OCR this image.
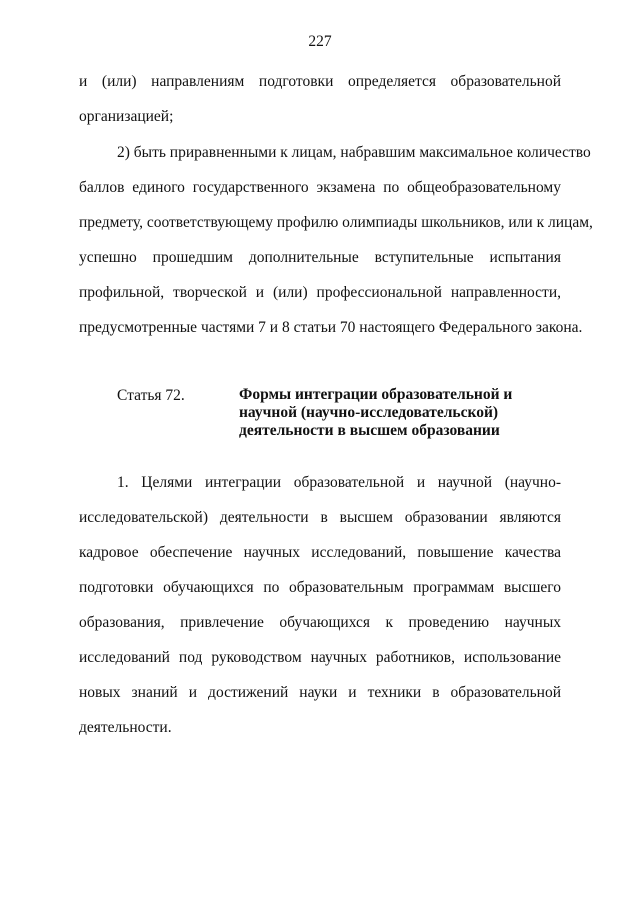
227
и (или) направлениям подготовки определяется образовательной
организацией;
2) быть приравненными к лицам, набравшим максимальное количество
баллов единого государственного экзамена по общеобразовательному
предмету, соответствующему профилю олимпиады школьников, или к лицам,
успешно прошедшим дополнительные вступительные испытания
профильной, творческой и (или) профессиональной направленности,
предусмотренные частями 7 и 8 статьи 70 настоящего Федерального закона.
Статья 72.	Формы интеграции образовательной и
научной (научно-исследовательской)
деятельности в высшем образовании
1. Целями интеграции образовательной и научной (научно-
исследовательской) деятельности в высшем образовании являются
кадровое обеспечение научных исследований, повышение качества
подготовки обучающихся по образовательным программам высшего
образования, привлечение обучающихся к проведению научных
исследований под руководством научных работников, использование
новых знаний и достижений науки и техники в образовательной
деятельности.
